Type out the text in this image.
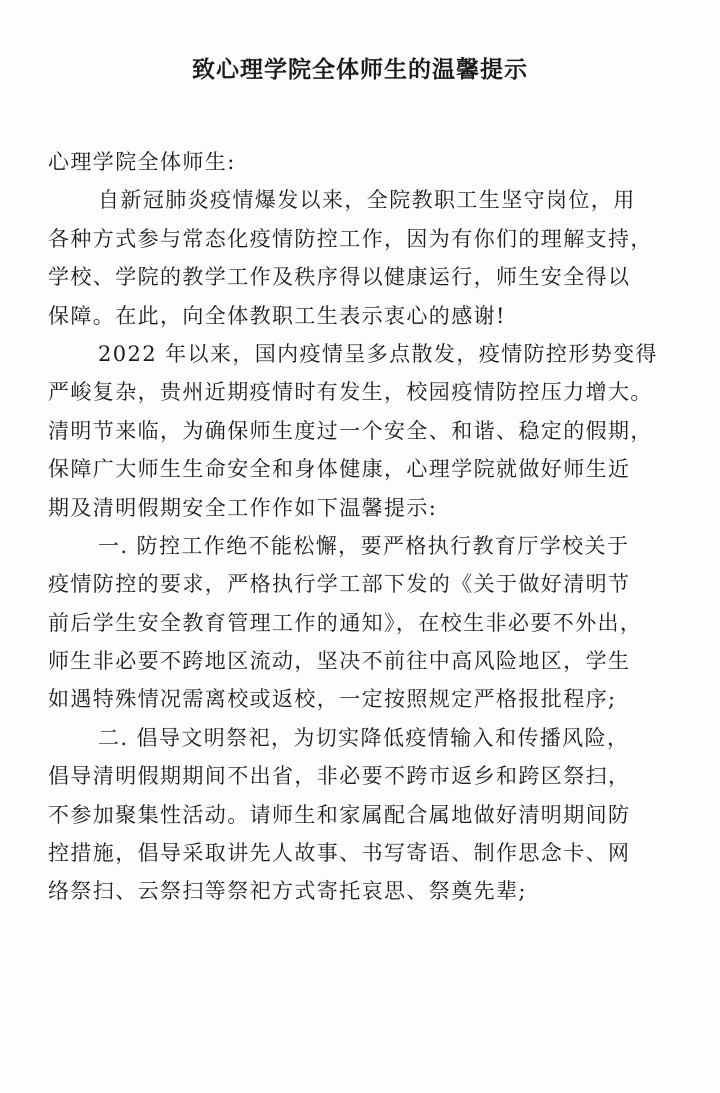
致心理学院全体师生的温馨提示
心理学院全体师生:
自新冠肺炎疫情爆发以来，全院教职工生坚守岗位，用
各种方式参与常态化疫情防控工作，因为有你们的理解支持，
学校、学院的教学工作及秩序得以健康运行，师生安全得以
保障。在此，向全体教职工生表示衷心的感谢!
2022 年以来，国内疫情呈多点散发，疫情防控形势变得
严峻复杂，贵州近期疫情时有发生，校园疫情防控压力增大。
清明节来临，为确保师生度过一个安全、和谐、稳定的假期，
保障广大师生生命安全和身体健康，心理学院就做好师生近
期及清明假期安全工作作如下温馨提示:
一. 防控工作绝不能松懈，要严格执行教育厅学校关于
疫情防控的要求，严格执行学工部下发的《关于做好清明节
前后学生安全教育管理工作的通知》，在校生非必要不外出，
师生非必要不跨地区流动，坚决不前往中高风险地区，学生
如遇特殊情况需离校或返校，一定按照规定严格报批程序;
二. 倡导文明祭祀，为切实降低疫情输入和传播风险，
倡导清明假期期间不出省，非必要不跨市返乡和跨区祭扫，
不参加聚集性活动。请师生和家属配合属地做好清明期间防
控措施，倡导采取讲先人故事、书写寄语、制作思念卡、网
络祭扫、云祭扫等祭祀方式寄托哀思、祭奠先辈;
